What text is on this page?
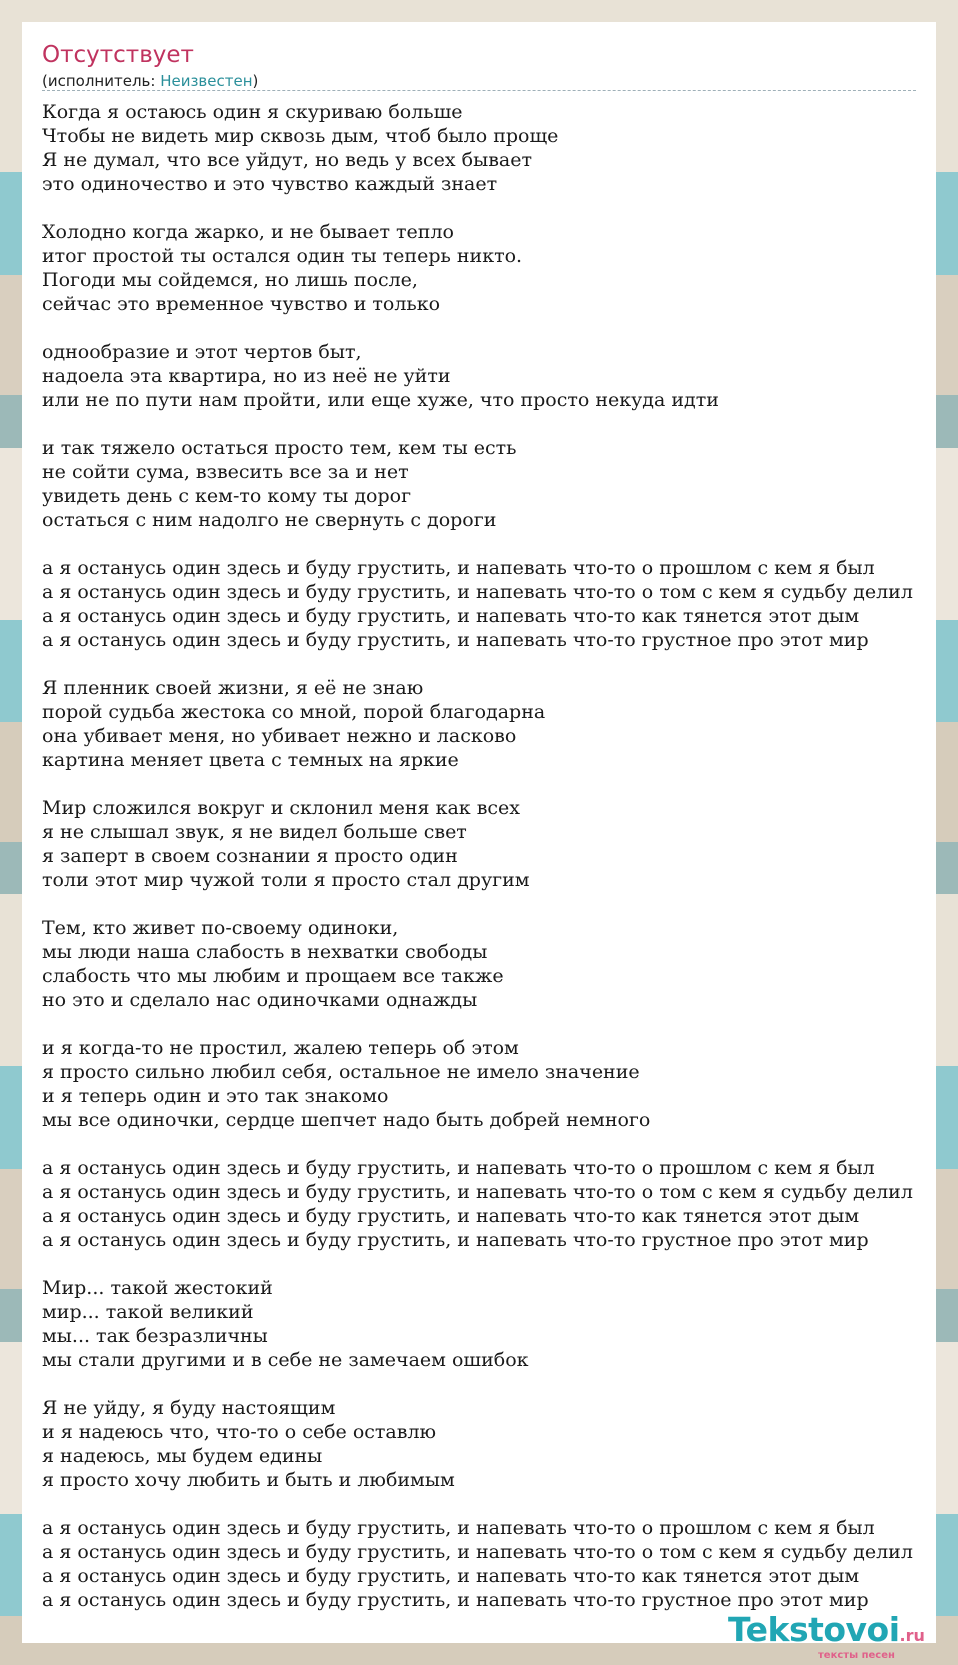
Отсутствует
(исполнитель: Неизвестен)
Когда я остаюсь один я скуриваю больше
Чтобы не видеть мир сквозь дым, чтоб было проще
Я не думал, что все уйдут, но ведь у всех бывает
это одиночество и это чувство каждый знает
Холодно когда жарко, и не бывает тепло
итог простой ты остался один ты теперь никто.
Погоди мы сойдемся, но лишь после,
сейчас это временное чувство и только
однообразие и этот чертов быт,
надоела эта квартира, но из неё не уйти
или не по пути нам пройти, или еще хуже, что просто некуда идти
и так тяжело остаться просто тем, кем ты есть
не сойти сума, взвесить все за и нет
увидеть день с кем-то кому ты дорог
остаться с ним надолго не свернуть с дороги
а я останусь один здесь и буду грустить, и напевать что-то о прошлом с кем я был
а я останусь один здесь и буду грустить, и напевать что-то о том с кем я судьбу делил
а я останусь один здесь и буду грустить, и напевать что-то как тянется этот дым
а я останусь один здесь и буду грустить, и напевать что-то грустное про этот мир
Я пленник своей жизни, я её не знаю
порой судьба жестока со мной, порой благодарна
она убивает меня, но убивает нежно и ласково
картина меняет цвета с темных на яркие
Мир сложился вокруг и склонил меня как всех
я не слышал звук, я не видел больше свет
я заперт в своем сознании я просто один
толи этот мир чужой толи я просто стал другим
Тем, кто живет по-своему одиноки,
мы люди наша слабость в нехватки свободы
слабость что мы любим и прощаем все также
но это и сделало нас одиночками однажды
и я когда-то не простил, жалею теперь об этом
я просто сильно любил себя, остальное не имело значение
и я теперь один и это так знакомо
мы все одиночки, сердце шепчет надо быть добрей немного
а я останусь один здесь и буду грустить, и напевать что-то о прошлом с кем я был
а я останусь один здесь и буду грустить, и напевать что-то о том с кем я судьбу делил
а я останусь один здесь и буду грустить, и напевать что-то как тянется этот дым
а я останусь один здесь и буду грустить, и напевать что-то грустное про этот мир
Мир... такой жестокий
мир... такой великий
мы... так безразличны
мы стали другими и в себе не замечаем ошибок
Я не уйду, я буду настоящим
и я надеюсь что, что-то о себе оставлю
я надеюсь, мы будем едины
я просто хочу любить и быть и любимым
а я останусь один здесь и буду грустить, и напевать что-то о прошлом с кем я был
а я останусь один здесь и буду грустить, и напевать что-то о том с кем я судьбу делил
а я останусь один здесь и буду грустить, и напевать что-то как тянется этот дым
а я останусь один здесь и буду грустить, и напевать что-то грустное про этот мир
Tekstovoi.ru
тексты песен
